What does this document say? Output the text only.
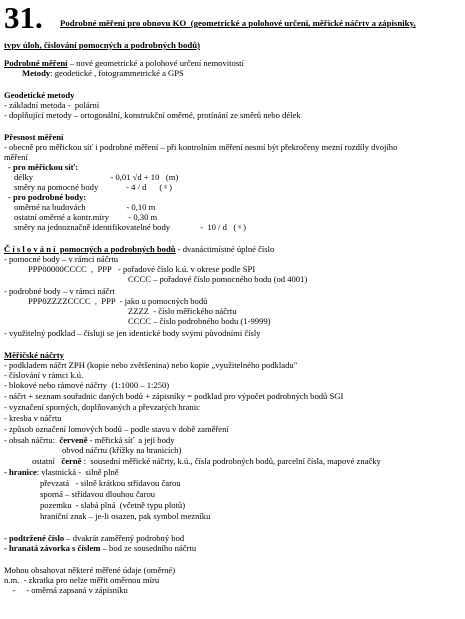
31. Podrobné měření pro obnovu KO  (geometrické a polohové určení, měřické náčrtv a zápisniky,
tvpv úloh, číslování pomocných a podrobných bodů)
Podrobné měření – nové geometrické a polohové určení nemovitostí
Metody: geodetické , fotogrammetrické a GPS
Geodetické metody
- základní metoda -  polární
- doplňující metody – ortogonální, konstrukční oměrné, protínání ze směrů nebo délek
Přesnost měření
- obecně pro měřickou síť i podrobné měření – při kontrolním měření nesmí být překročeny mezní rozdíly dvojího
měření
- pro měřickou síť:
délky                                    - 0,01 √d + 10   (m)
směry na pomocné body             - 4 / d      ( ᵍ )
- pro podrobné body:
oměrné na budovách                   - 0,10 m
ostatní oměrné a kontr.míry         - 0,30 m
směry na jednoznačně identifikovatelné body              -  10 / d   ( ᵍ )
Č í s l o v á n í  pomocných a podrobných bodů - dvanáctimístné úplné číslo
- pomocné body – v rámci náčrtu
PPP00000CCCC  ,  PPP   - pořadové číslo k.ú. v okrese podle SPI
CCCC – pořadové číslo pomocného bodu (od 4001)
- podrobné body – v rámci náčrt
PPP0ZZZZCCCC  ,  PPP  - jako u pomocných bodů
ZZZZ  - číslo měřického náčrtu
CCCC – číslo podrobného bodu (1-9999)
- využitelný podklad – čísluji se jen identické body svými původními čísly
Měřičské náčrty
- podkladem náčrt ZPH (kopie nebo zvětšenina) nebo kopie „využitelného podkladu"
- číslování v rámci k.ú.
- blokové nebo rámové náčrty  (1:1000 – 1:250)
- náčrt + seznam souřadnic daných bodů + zápisníky = podklad pro výpočet podrobných bodů SGI
- vyznačení sporných, doplňovaných a převzatých hranic
- kresba v náčrtu
- způsob označení lomových bodů – podle stavu v době zaměření
- obsah náčrtu:  červeně - měřická síť  a její body
obvod náčrtu (křížky na hranicích)
ostatní   černě :  sousední měřické náčrty, k.ú., čísla podrobných bodů, parcelní čísla, mapové značky
- hranice: vlastnická -  silně plně
převzatá   - silně krátkou střídavou čarou
sporná – střídavou dlouhou čarou
pozemku  - slabá plná  (včetně typu plotů)
hraniční znak – je-li osazen, pak symbol mezníku
- podtržené číslo – dvakrát zaměřený podrobný bod
- hranatá závorka s číslem – bod ze sousedního náčrtu
Mohou obsahovat některé měřené údaje (oměrné)
n.m.  - zkratka pro nelze měřit oměrnou míru
-     - oměrná zapsaná v zápisníku
